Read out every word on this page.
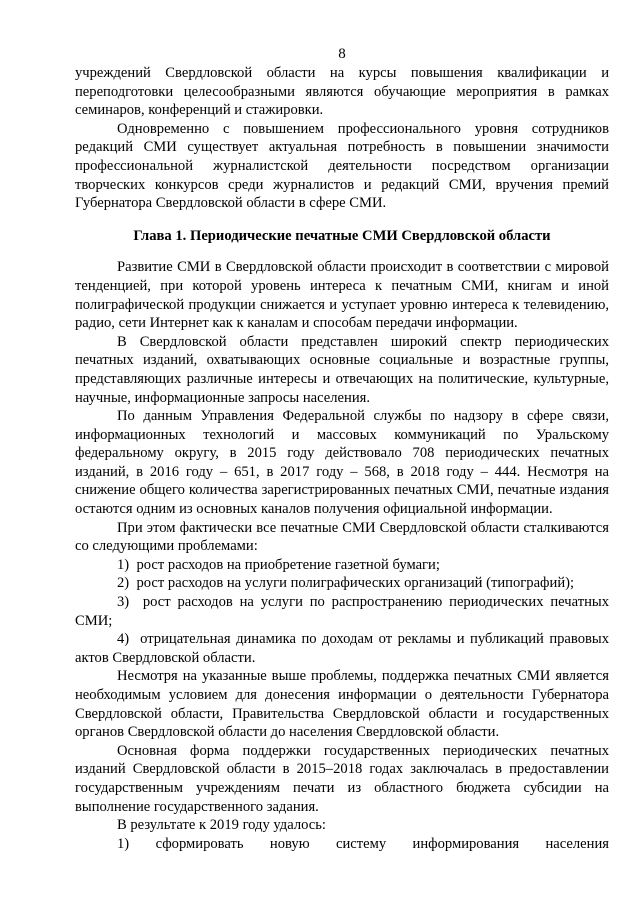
8

учреждений Свердловской области на курсы повышения квалификации и переподготовки целесообразными являются обучающие мероприятия в рамках семинаров, конференций и стажировки.

Одновременно с повышением профессионального уровня сотрудников редакций СМИ существует актуальная потребность в повышении значимости профессиональной журналистской деятельности посредством организации творческих конкурсов среди журналистов и редакций СМИ, вручения премий Губернатора Свердловской области в сфере СМИ.

Глава 1. Периодические печатные СМИ Свердловской области

Развитие СМИ в Свердловской области происходит в соответствии с мировой тенденцией, при которой уровень интереса к печатным СМИ, книгам и иной полиграфической продукции снижается и уступает уровню интереса к телевидению, радио, сети Интернет как к каналам и способам передачи информации.

В Свердловской области представлен широкий спектр периодических печатных изданий, охватывающих основные социальные и возрастные группы, представляющих различные интересы и отвечающих на политические, культурные, научные, информационные запросы населения.

По данным Управления Федеральной службы по надзору в сфере связи, информационных технологий и массовых коммуникаций по Уральскому федеральному округу, в 2015 году действовало 708 периодических печатных изданий, в 2016 году – 651, в 2017 году – 568, в 2018 году – 444. Несмотря на снижение общего количества зарегистрированных печатных СМИ, печатные издания остаются одним из основных каналов получения официальной информации.

При этом фактически все печатные СМИ Свердловской области сталкиваются со следующими проблемами:

1) рост расходов на приобретение газетной бумаги;
2) рост расходов на услуги полиграфических организаций (типографий);
3) рост расходов на услуги по распространению периодических печатных СМИ;
4) отрицательная динамика по доходам от рекламы и публикаций правовых актов Свердловской области.

Несмотря на указанные выше проблемы, поддержка печатных СМИ является необходимым условием для донесения информации о деятельности Губернатора Свердловской области, Правительства Свердловской области и государственных органов Свердловской области до населения Свердловской области.

Основная форма поддержки государственных периодических печатных изданий Свердловской области в 2015–2018 годах заключалась в предоставлении государственным учреждениям печати из областного бюджета субсидии на выполнение государственного задания.

В результате к 2019 году удалось:

1) сформировать новую систему информирования населения
